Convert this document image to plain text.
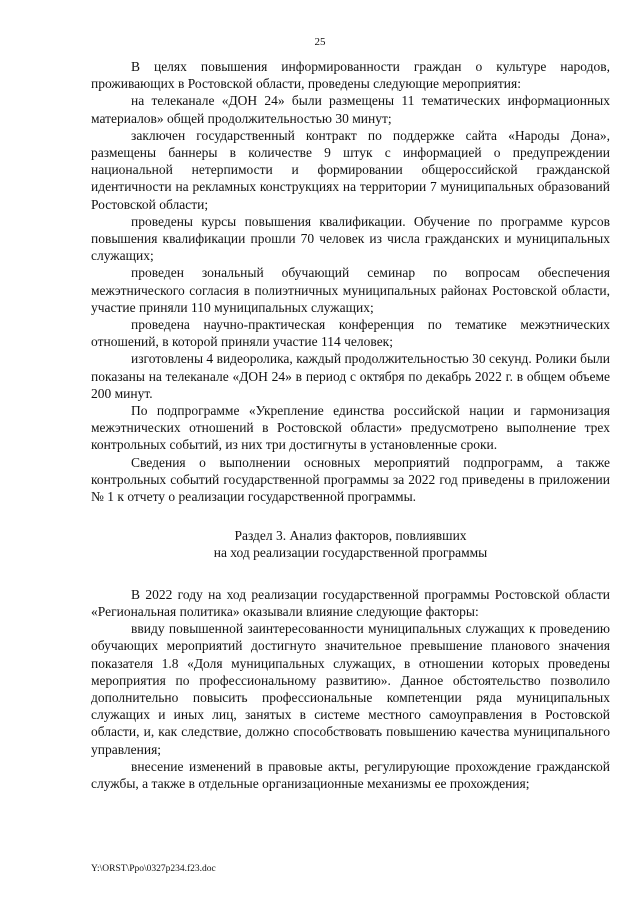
25

В целях повышения информированности граждан о культуре народов, проживающих в Ростовской области, проведены следующие мероприятия:

на телеканале «ДОН 24» были размещены 11 тематических информационных материалов» общей продолжительностью 30 минут;

заключен государственный контракт по поддержке сайта «Народы Дона», размещены баннеры в количестве 9 штук с информацией о предупреждении национальной нетерпимости и формировании общероссийской гражданской идентичности на рекламных конструкциях на территории 7 муниципальных образований Ростовской области;

проведены курсы повышения квалификации. Обучение по программе курсов повышения квалификации прошли 70 человек из числа гражданских и муниципальных служащих;

проведен зональный обучающий семинар по вопросам обеспечения межэтнического согласия в полиэтничных муниципальных районах Ростовской области, участие приняли 110 муниципальных служащих;

проведена научно-практическая конференция по тематике межэтнических отношений, в которой приняли участие 114 человек;

изготовлены 4 видеоролика, каждый продолжительностью 30 секунд. Ролики были показаны на телеканале «ДОН 24» в период с октября по декабрь 2022 г. в общем объеме 200 минут.

По подпрограмме «Укрепление единства российской нации и гармонизация межэтнических отношений в Ростовской области» предусмотрено выполнение трех контрольных событий, из них три достигнуты в установленные сроки.

Сведения о выполнении основных мероприятий подпрограмм, а также контрольных событий государственной программы за 2022 год приведены в приложении № 1 к отчету о реализации государственной программы.

Раздел 3. Анализ факторов, повлиявших
на ход реализации государственной программы

В 2022 году на ход реализации государственной программы Ростовской области «Региональная политика» оказывали влияние следующие факторы:

ввиду повышенной заинтересованности муниципальных служащих к проведению обучающих мероприятий достигнуто значительное превышение планового значения показателя 1.8 «Доля муниципальных служащих, в отношении которых проведены мероприятия по профессиональному развитию». Данное обстоятельство позволило дополнительно повысить профессиональные компетенции ряда муниципальных служащих и иных лиц, занятых в системе местного самоуправления в Ростовской области, и, как следствие, должно способствовать повышению качества муниципального управления;

внесение изменений в правовые акты, регулирующие прохождение гражданской службы, а также в отдельные организационные механизмы ее прохождения;

Y:\ORST\Ppo\0327p234.f23.doc
